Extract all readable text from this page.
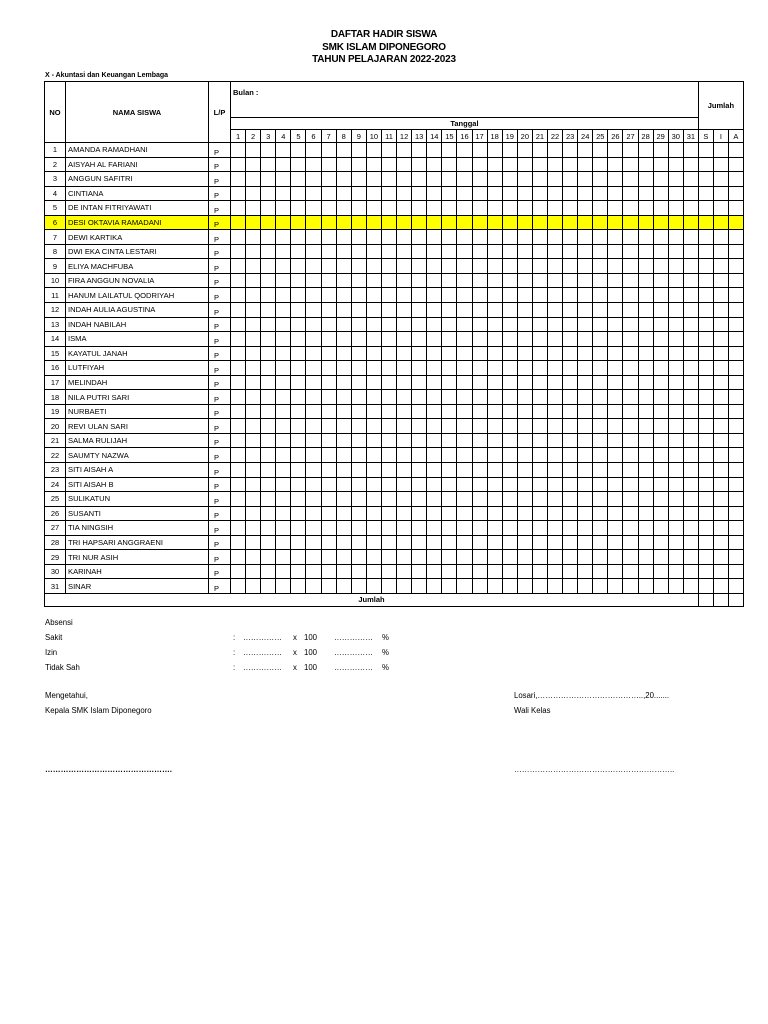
DAFTAR HADIR SISWA
SMK ISLAM DIPONEGORO
TAHUN PELAJARAN 2022-2023
X - Akuntasi dan Keuangan Lembaga
NO	NAMA SISWA	L/P	Bulan :																															Jumlah		
			Tanggal																																	
			1	2	3	4	5	6	7	8	9	10	11	12	13	14	15	16	17	18	19	20	21	22	23	24	25	26	27	28	29	30	31	S	I	A
1	AMANDA RAMADHANI	P																																		
2	AISYAH AL FARIANI	P																																		
3	ANGGUN SAFITRI	P																																		
4	CINTIANA	P																																		
5	DE INTAN FITRIYAWATI	P																																		
6	DESI OKTAVIA RAMADANI	P																																		
7	DEWI KARTIKA	P																																		
8	DWI EKA CINTA LESTARI	P																																		
9	ELIYA MACHFUBA	P																																		
10	FIRA ANGGUN NOVALIA	P																																		
11	HANUM LAILATUL QODRIYAH	P																																		
12	INDAH AULIA AGUSTINA	P																																		
13	INDAH NABILAH	P																																		
14	ISMA	P																																		
15	KAYATUL JANAH	P																																		
16	LUTFIYAH	P																																		
17	MELINDAH	P																																		
18	NILA PUTRI SARI	P																																		
19	NURBAETI	P																																		
20	REVI ULAN SARI	P																																		
21	SALMA RULIJAH	P																																		
22	SAUMTY NAZWA	P																																		
23	SITI AISAH A	P																																		
24	SITI AISAH B	P																																		
25	SULIKATUN	P																																		
26	SUSANTI	P																																		
27	TIA NINGSIH	P																																		
28	TRI HAPSARI ANGGRAENI	P																																		
29	TRI NUR ASIH	P																																		
30	KARINAH	P																																		
31	SINAR	P																																		
Jumlah																																				
Absensi
Sakit	: …………… x 100 …………… %
Izin	: …………… x 100 …………… %
Tidak Sah	: …………… x 100 …………… %
Mengetahui,
Kepala SMK Islam Diponegoro
………………………………………….
Losari,…………………………………..,20.......
Wali Kelas
……………………………………………………..
